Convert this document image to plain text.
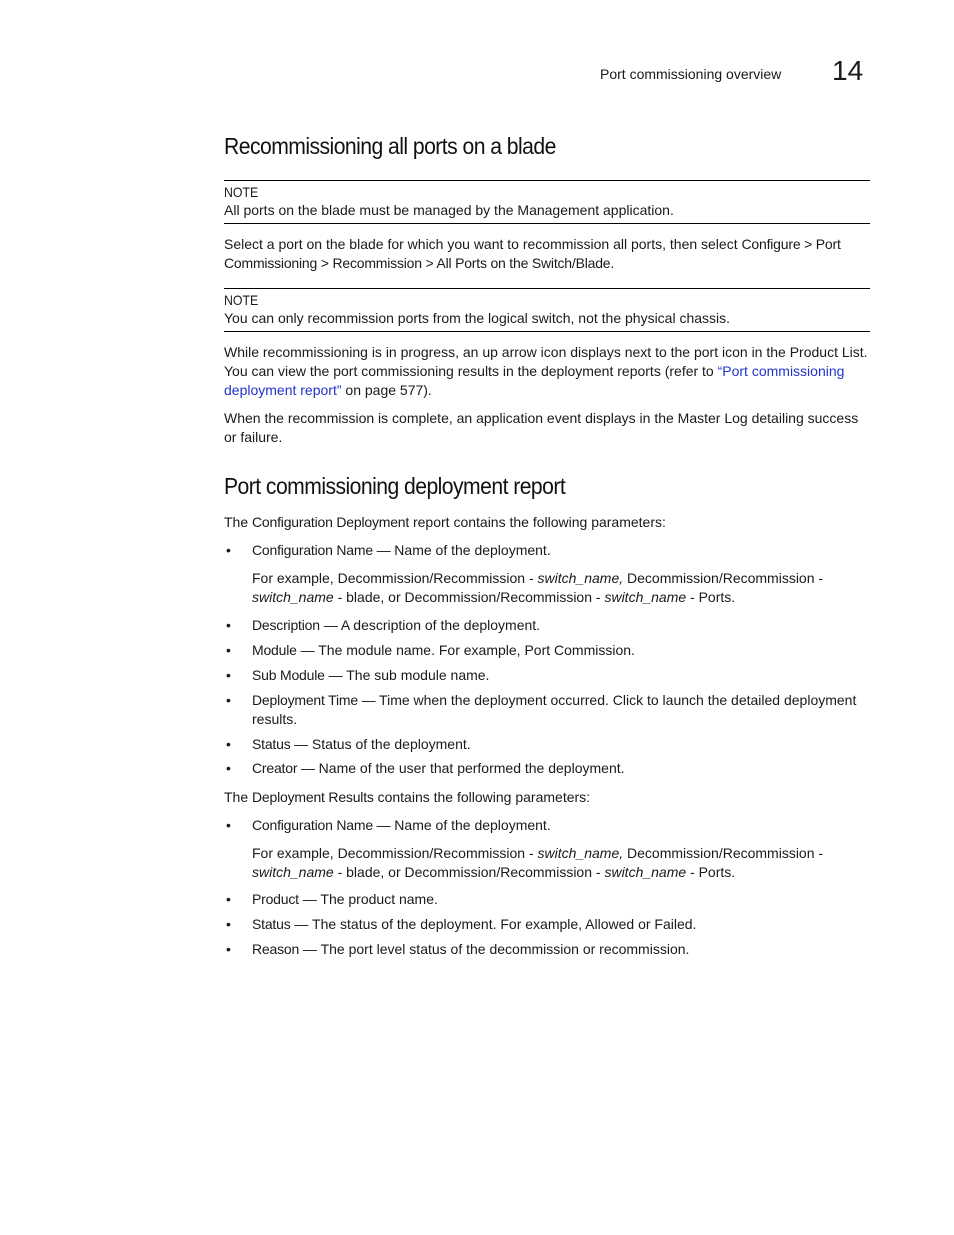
Port commissioning overview 14
Recommissioning all ports on a blade
NOTE
All ports on the blade must be managed by the Management application.

Select a port on the blade for which you want to recommission all ports, then select Configure > Port Commissioning > Recommission > All Ports on the Switch/Blade.

NOTE
You can only recommission ports from the logical switch, not the physical chassis.

While recommissioning is in progress, an up arrow icon displays next to the port icon in the Product List. You can view the port commissioning results in the deployment reports (refer to “Port commissioning deployment report” on page 577).

When the recommission is complete, an application event displays in the Master Log detailing success or failure.

Port commissioning deployment report

The Configuration Deployment report contains the following parameters:

• Configuration Name — Name of the deployment.

For example, Decommission/Recommission - switch_name, Decommission/Recommission - switch_name - blade, or Decommission/Recommission - switch_name - Ports.

• Description — A description of the deployment.
• Module — The module name. For example, Port Commission.
• Sub Module — The sub module name.
• Deployment Time — Time when the deployment occurred. Click to launch the detailed deployment results.
• Status — Status of the deployment.
• Creator — Name of the user that performed the deployment.

The Deployment Results contains the following parameters:

• Configuration Name — Name of the deployment.

For example, Decommission/Recommission - switch_name, Decommission/Recommission - switch_name - blade, or Decommission/Recommission - switch_name - Ports.

• Product — The product name.
• Status — The status of the deployment. For example, Allowed or Failed.
• Reason — The port level status of the decommission or recommission.
